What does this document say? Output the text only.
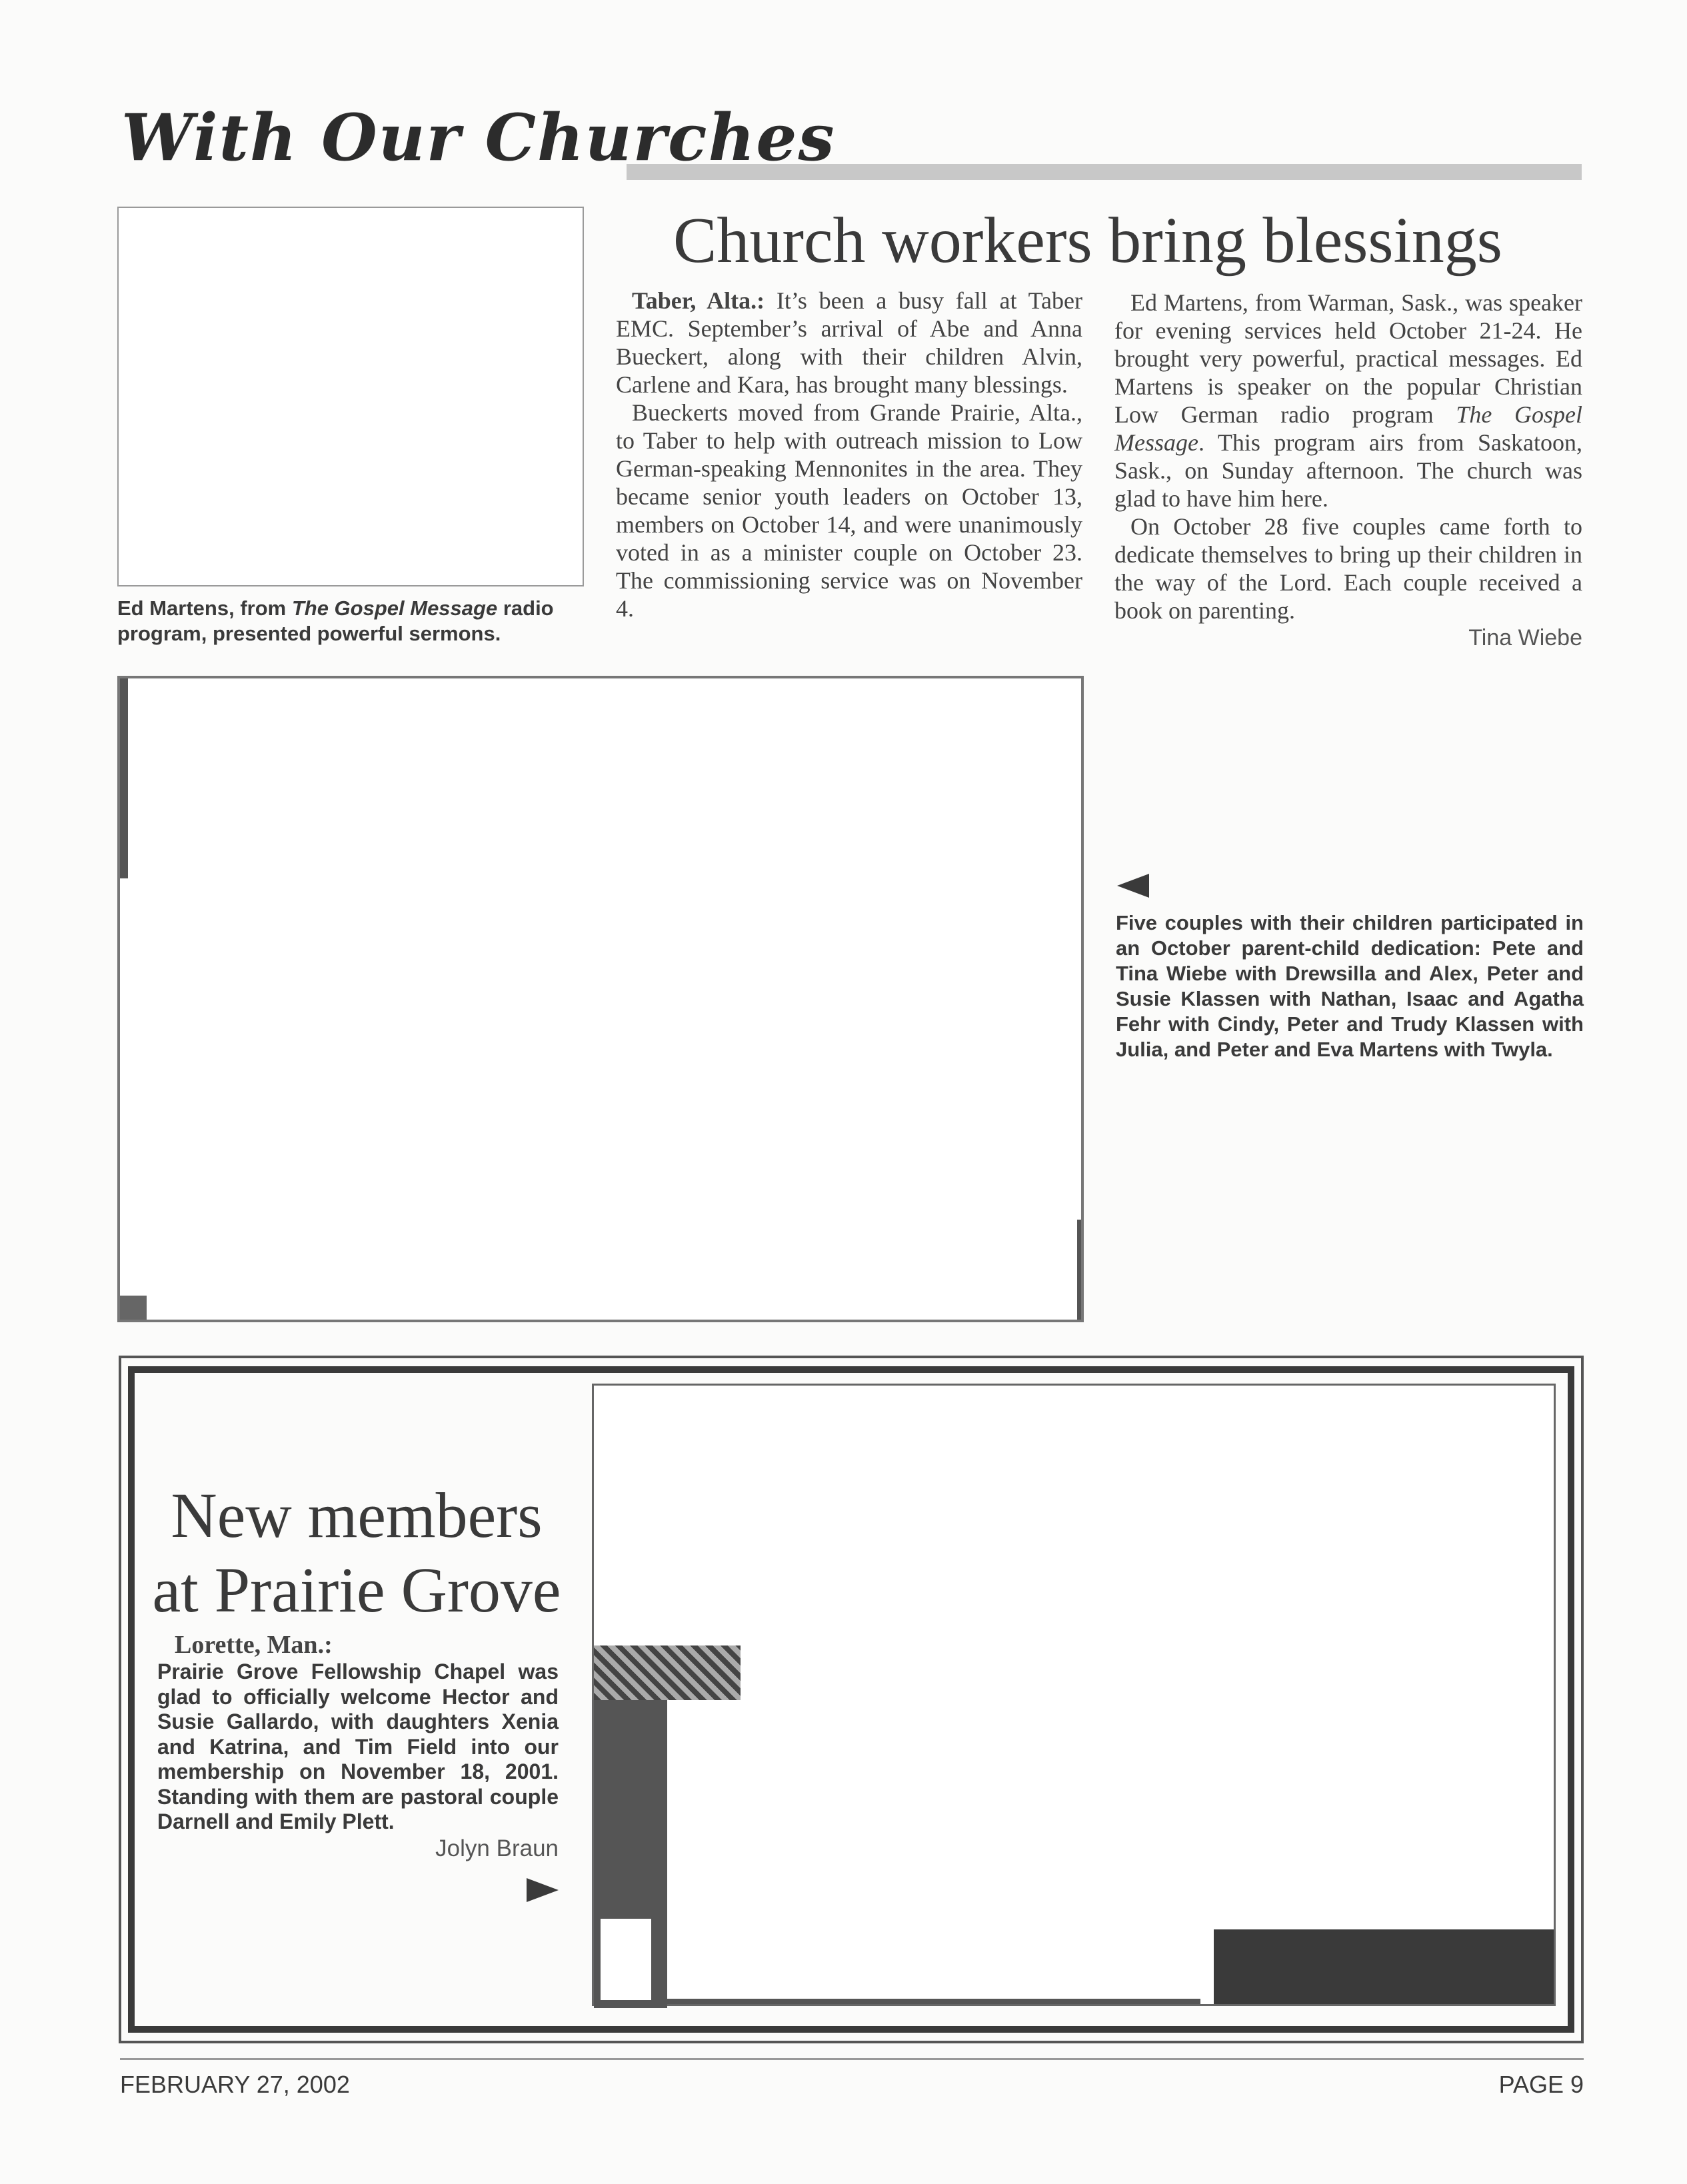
With Our Churches
Ed Martens, from The Gospel Message radio program, presented powerful sermons.
Church workers bring blessings

Taber, Alta.: It’s been a busy fall at Taber EMC. September’s arrival of Abe and Anna Bueckert, along with their children Alvin, Carlene and Kara, has brought many blessings.

Bueckerts moved from Grande Prairie, Alta., to Taber to help with outreach mission to Low German-speaking Mennonites in the area. They became senior youth leaders on October 13, members on October 14, and were unanimously voted in as a minister couple on October 23. The commissioning service was on November 4.

Ed Martens, from Warman, Sask., was speaker for evening services held October 21-24. He brought very powerful, practical messages. Ed Martens is speaker on the popular Christian Low German radio program The Gospel Message. This program airs from Saskatoon, Sask., on Sunday afternoon. The church was glad to have him here.

On October 28 five couples came forth to dedicate themselves to bring up their children in the way of the Lord. Each couple received a book on parenting.

Tina Wiebe
Five couples with their children participated in an October parent-child dedication: Pete and Tina Wiebe with Drewsilla and Alex, Peter and Susie Klassen with Nathan, Isaac and Agatha Fehr with Cindy, Peter and Trudy Klassen with Julia, and Peter and Eva Martens with Twyla.
New members
at Prairie Grove
Lorette, Man.:
Prairie Grove Fellowship Chapel was glad to officially welcome Hector and Susie Gallardo, with daughters Xenia and Katrina, and Tim Field into our membership on November 18, 2001. Standing with them are pastoral couple Darnell and Emily Plett.
Jolyn Braun
FEBRUARY 27, 2002	PAGE 9
